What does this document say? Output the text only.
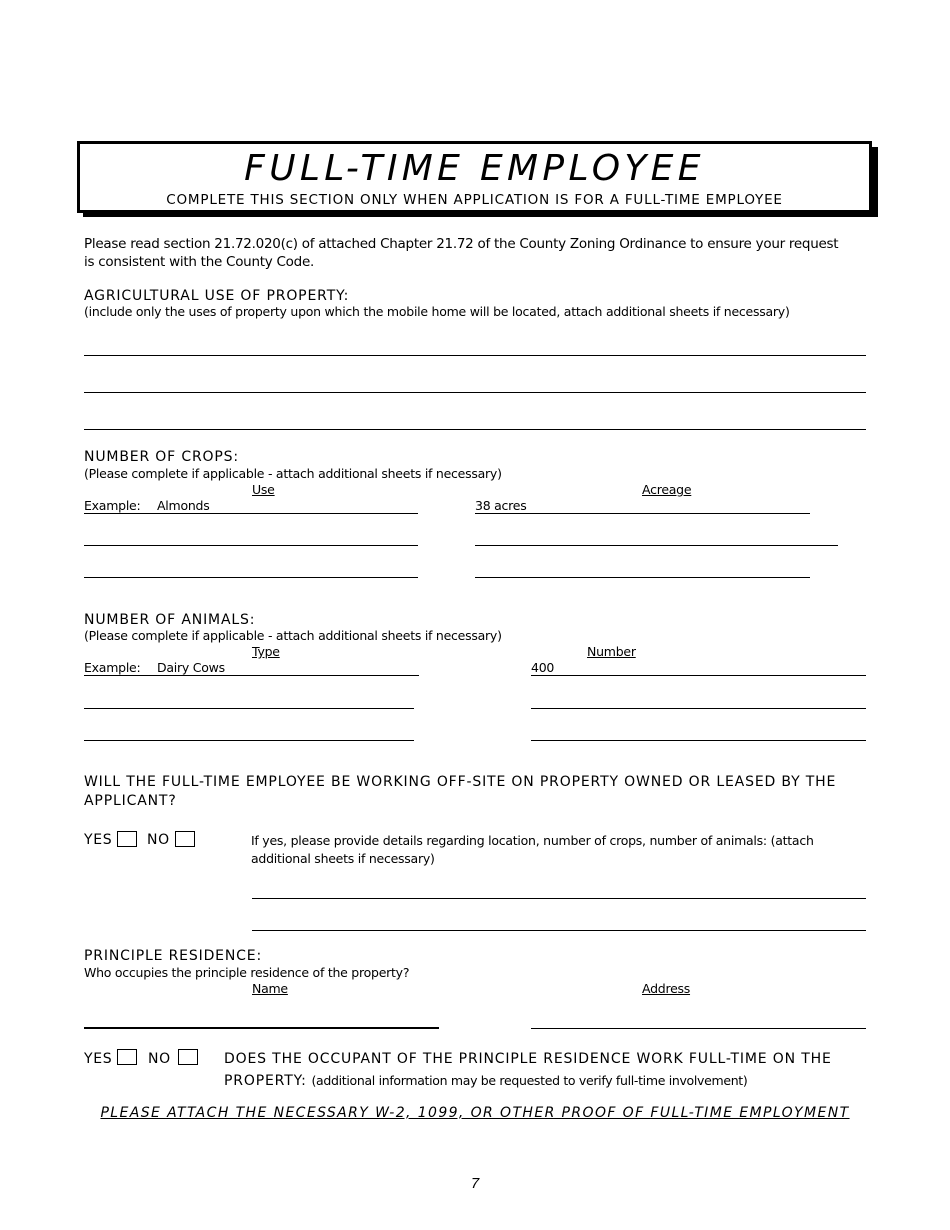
FULL-TIME EMPLOYEE
COMPLETE THIS SECTION ONLY WHEN APPLICATION IS FOR A FULL-TIME EMPLOYEE
Please read section 21.72.020(c) of attached Chapter 21.72 of the County Zoning Ordinance to ensure your request
is consistent with the County Code.
AGRICULTURAL USE OF PROPERTY:
(include only the uses of property upon which the mobile home will be located, attach additional sheets if necessary)
NUMBER OF CROPS:
(Please complete if applicable - attach additional sheets if necessary)
Use	Acreage
Example: Almonds	38 acres
NUMBER OF ANIMALS:
(Please complete if applicable - attach additional sheets if necessary)
Type	Number
Example: Dairy Cows	400
WILL THE FULL-TIME EMPLOYEE BE WORKING OFF-SITE ON PROPERTY OWNED OR LEASED BY THE
APPLICANT?
YES NO	If yes, please provide details regarding location, number of crops, number of animals: (attach
additional sheets if necessary)
PRINCIPLE RESIDENCE:
Who occupies the principle residence of the property?
Name	Address
YES	NO	DOES THE OCCUPANT OF THE PRINCIPLE RESIDENCE WORK FULL-TIME ON THE
PROPERTY: (additional information may be requested to verify full-time involvement)
PLEASE ATTACH THE NECESSARY W-2, 1099, OR OTHER PROOF OF FULL-TIME EMPLOYMENT
7
